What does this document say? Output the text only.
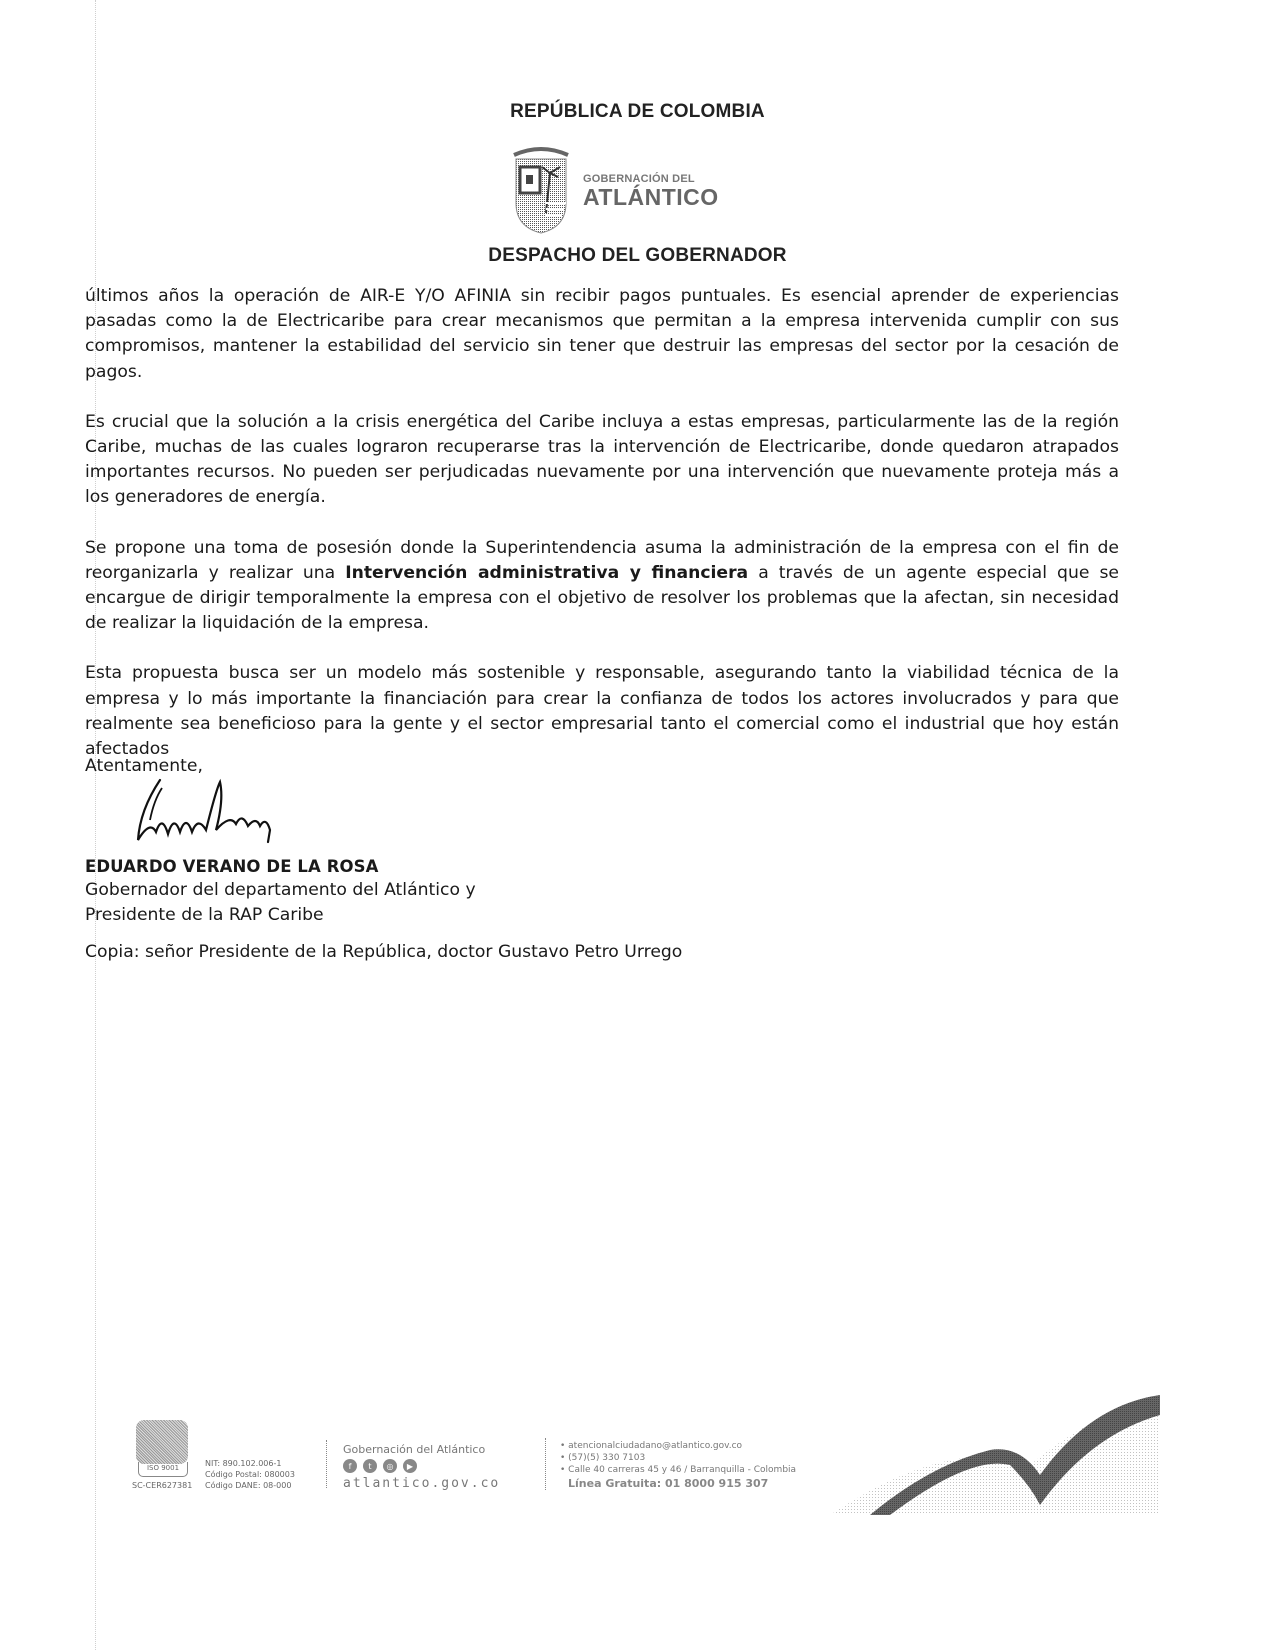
REPÚBLICA DE COLOMBIA
GOBERNACIÓN DEL
ATLÁNTICO
DESPACHO DEL GOBERNADOR

últimos años la operación de AIR-E Y/O AFINIA sin recibir pagos puntuales. Es esencial aprender de experiencias pasadas como la de Electricaribe para crear mecanismos que permitan a la empresa intervenida cumplir con sus compromisos, mantener la estabilidad del servicio sin tener que destruir las empresas del sector por la cesación de pagos.

Es crucial que la solución a la crisis energética del Caribe incluya a estas empresas, particularmente las de la región Caribe, muchas de las cuales lograron recuperarse tras la intervención de Electricaribe, donde quedaron atrapados importantes recursos. No pueden ser perjudicadas nuevamente por una intervención que nuevamente proteja más a los generadores de energía.

Se propone una toma de posesión donde la Superintendencia asuma la administración de la empresa con el fin de reorganizarla y realizar una Intervención administrativa y financiera a través de un agente especial que se encargue de dirigir temporalmente la empresa con el objetivo de resolver los problemas que la afectan, sin necesidad de realizar la liquidación de la empresa.

Esta propuesta busca ser un modelo más sostenible y responsable, asegurando tanto la viabilidad técnica de la empresa y lo más importante la financiación para crear la confianza de todos los actores involucrados y para que realmente sea beneficioso para la gente y el sector empresarial tanto el comercial como el industrial que hoy están afectados

Atentamente,
EDUARDO VERANO DE LA ROSA
Gobernador del departamento del Atlántico y
Presidente de la RAP Caribe
Copia: señor Presidente de la República, doctor Gustavo Petro Urrego
ISO 9001
SC-CER627381
NIT: 890.102.006-1
Código Postal: 080003
Código DANE: 08-000
Gobernación del Atlántico
f	t	◎	▶
atlantico.gov.co
• atencionalciudadano@atlantico.gov.co
• (57)(5) 330 7103
• Calle 40 carreras 45 y 46 / Barranquilla - Colombia
Línea Gratuita: 01 8000 915 307
